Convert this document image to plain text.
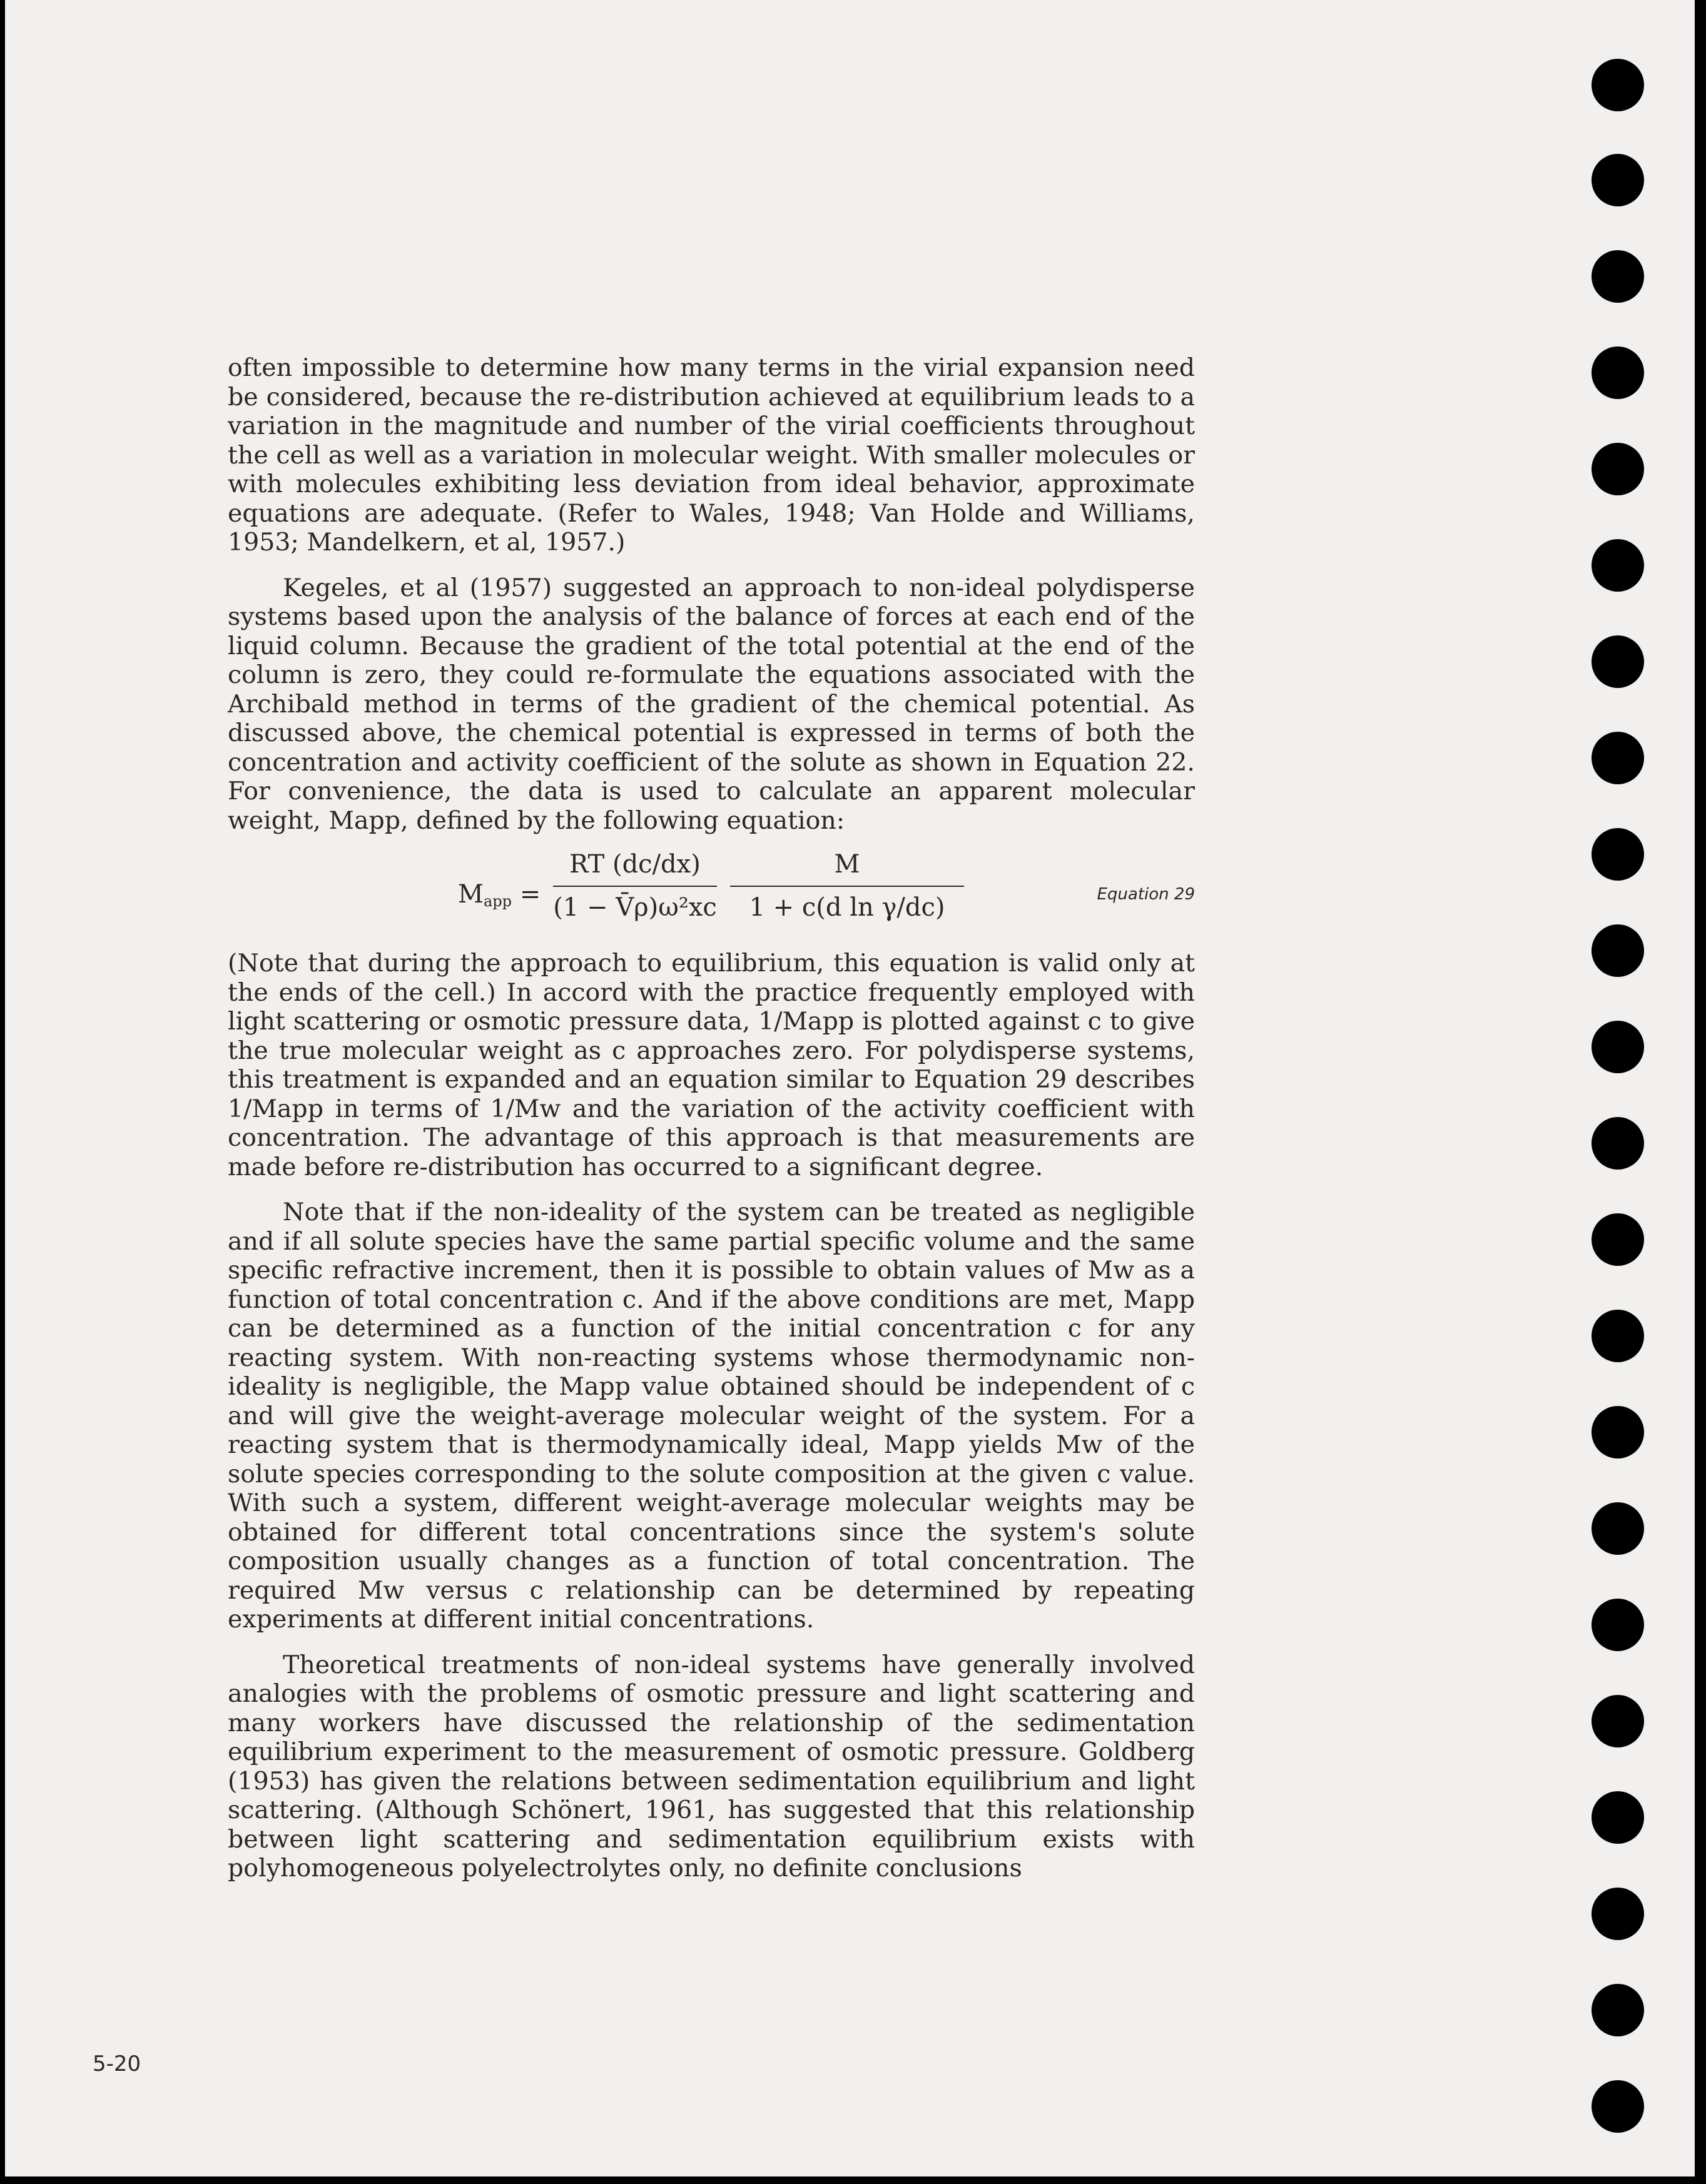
often impossible to determine how many terms in the virial expansion need be considered, because the re-distribution achieved at equilibrium leads to a variation in the magnitude and number of the virial coefficients throughout the cell as well as a variation in molecular weight. With smaller molecules or with molecules exhibiting less deviation from ideal behavior, approximate equations are adequate. (Refer to Wales, 1948; Van Holde and Williams, 1953; Mandelkern, et al, 1957.)

Kegeles, et al (1957) suggested an approach to non-ideal polydisperse systems based upon the analysis of the balance of forces at each end of the liquid column. Because the gradient of the total potential at the end of the column is zero, they could re-formulate the equations associated with the Archibald method in terms of the gradient of the chemical potential. As discussed above, the chemical potential is expressed in terms of both the concentration and activity coefficient of the solute as shown in Equation 22. For convenience, the data is used to calculate an apparent molecular weight, Mapp, defined by the following equation:

$M_{app} = \frac{RT (dc/dx)}{\text{(1 − V̄ρ)ω²xc}} \frac{M}{\text{1 + c(d ln γ/dc)}}$	Equation 29

(Note that during the approach to equilibrium, this equation is valid only at the ends of the cell.) In accord with the practice frequently employed with light scattering or osmotic pressure data, 1/Mapp is plotted against c to give the true molecular weight as c approaches zero. For polydisperse systems, this treatment is expanded and an equation similar to Equation 29 describes 1/Mapp in terms of 1/Mw and the variation of the activity coefficient with concentration. The advantage of this approach is that measurements are made before re-distribution has occurred to a significant degree.

Note that if the non-ideality of the system can be treated as negligible and if all solute species have the same partial specific volume and the same specific refractive increment, then it is possible to obtain values of Mw as a function of total concentration c. And if the above conditions are met, Mapp can be determined as a function of the initial concentration c for any reacting system. With non-reacting systems whose thermodynamic non-ideality is negligible, the Mapp value obtained should be independent of c and will give the weight-average molecular weight of the system. For a reacting system that is thermodynamically ideal, Mapp yields Mw of the solute species corresponding to the solute composition at the given c value. With such a system, different weight-average molecular weights may be obtained for different total concentrations since the system's solute composition usually changes as a function of total concentration. The required Mw versus c relationship can be determined by repeating experiments at different initial concentrations.

Theoretical treatments of non-ideal systems have generally involved analogies with the problems of osmotic pressure and light scattering and many workers have discussed the relationship of the sedimentation equilibrium experiment to the measurement of osmotic pressure. Goldberg (1953) has given the relations between sedimentation equilibrium and light scattering. (Although Schönert, 1961, has suggested that this relationship between light scattering and sedimentation equilibrium exists with polyhomogeneous polyelectrolytes only, no definite conclusions

5-20
